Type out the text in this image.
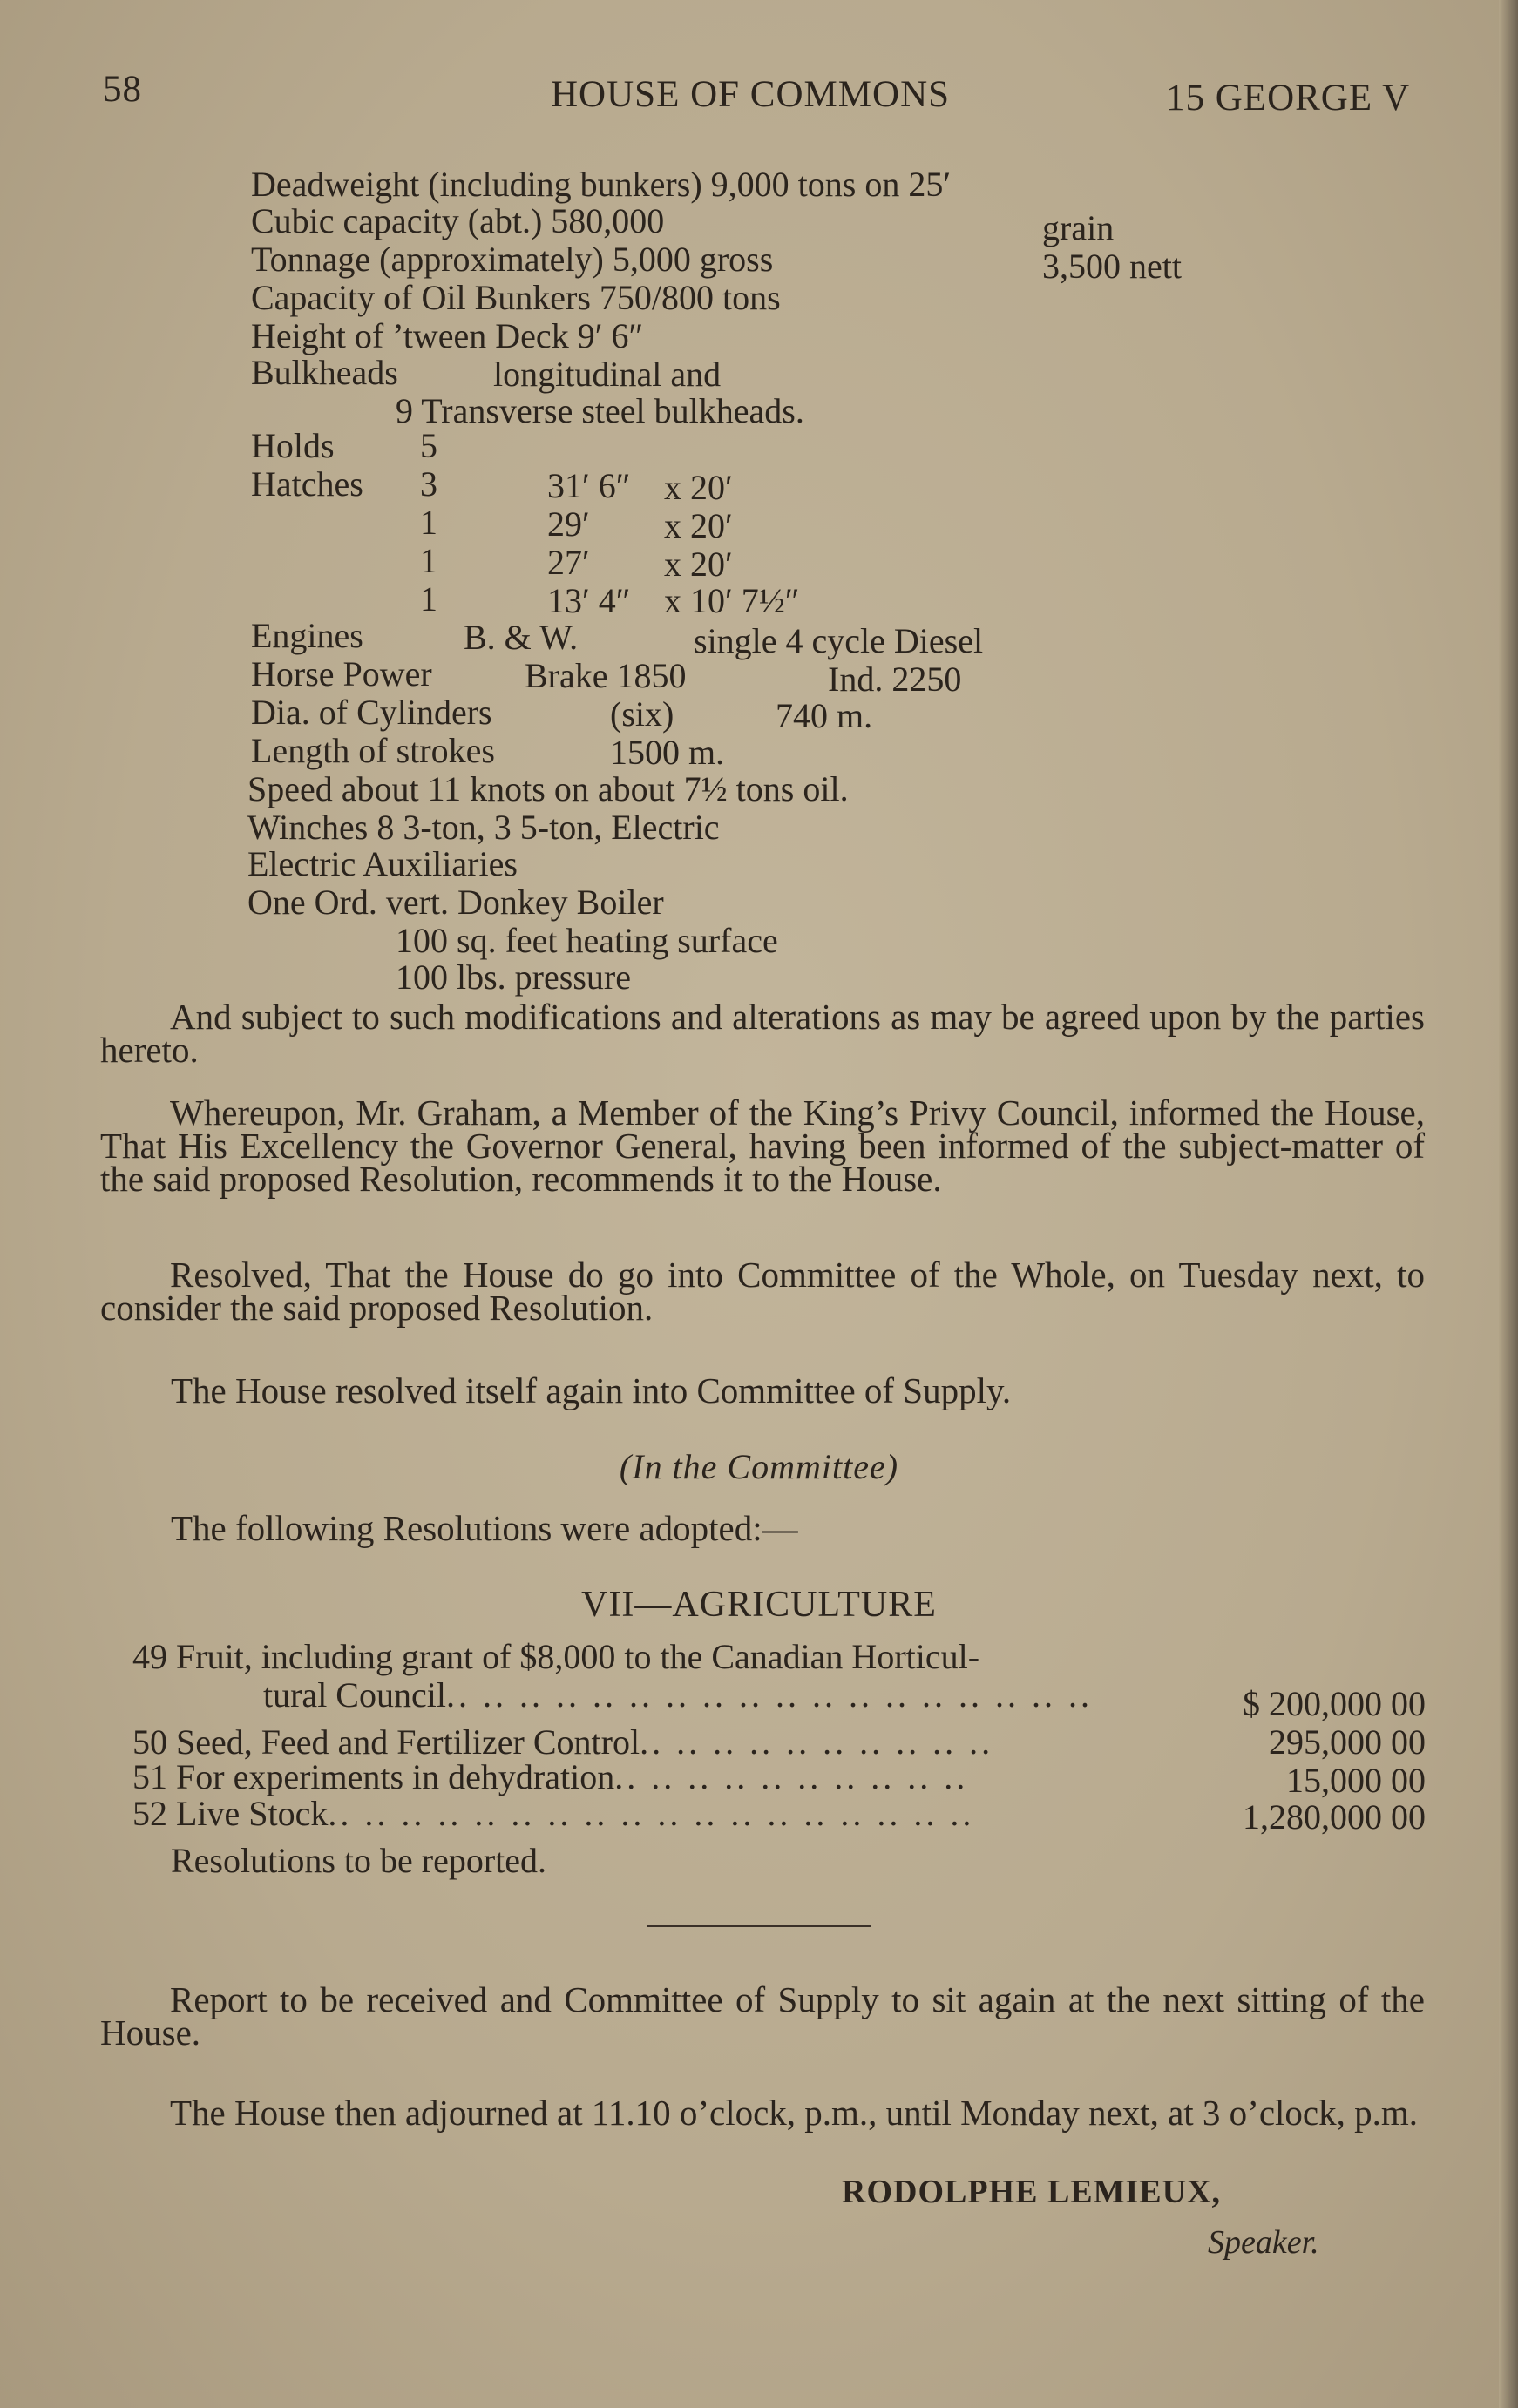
58	HOUSE OF COMMONS	15 GEORGE V
Deadweight (including bunkers) 9,000 tons on 25′
Cubic capacity (abt.) 580,000	grain
Tonnage (approximately) 5,000 gross	3,500 nett
Capacity of Oil Bunkers 750/800 tons
Height of ’tween Deck 9′ 6″
Bulkheads	longitudinal and
9 Transverse steel bulkheads.
Holds 5
Hatches 3	31′ 6″ x 20′
1	29′ x 20′
1	27′ x 20′
1	13′ 4″ x 10′ 7½″
Engines	B. & W.	single 4 cycle Diesel
Horse Power	Brake 1850	Ind. 2250
Dia. of Cylinders	(six)	740 m.
Length of strokes	1500 m.
Speed about 11 knots on about 7½ tons oil.
Winches 8 3-ton, 3 5-ton, Electric
Electric Auxiliaries
One Ord. vert. Donkey Boiler
100 sq. feet heating surface
100 lbs. pressure
And subject to such modifications and alterations as may be agreed upon by the parties hereto.
Whereupon, Mr. Graham, a Member of the King’s Privy Council, informed the House, That His Excellency the Governor General, having been informed of the subject-matter of the said proposed Resolution, recommends it to the House.
Resolved, That the House do go into Committee of the Whole, on Tuesday next, to consider the said proposed Resolution.
The House resolved itself again into Committee of Supply.
(In the Committee)
The following Resolutions were adopted:—
VII—AGRICULTURE
49 Fruit, including grant of $8,000 to the Canadian Horticul-
tural Council.. .. .. .. .. .. .. .. .. .. .. .. .. .. .. .. .. ..	$ 200,000 00
50 Seed, Feed and Fertilizer Control.. .. .. .. .. .. .. .. .. ..	295,000 00
51 For experiments in dehydration.. .. .. .. .. .. .. .. .. ..	15,000 00
52 Live Stock.. .. .. .. .. .. .. .. .. .. .. .. .. .. .. .. .. ..	1,280,000 00
Resolutions to be reported.
Report to be received and Committee of Supply to sit again at the next sitting of the House.
The House then adjourned at 11.10 o’clock, p.m., until Monday next, at 3 o’clock, p.m.
RODOLPHE LEMIEUX,
Speaker.
